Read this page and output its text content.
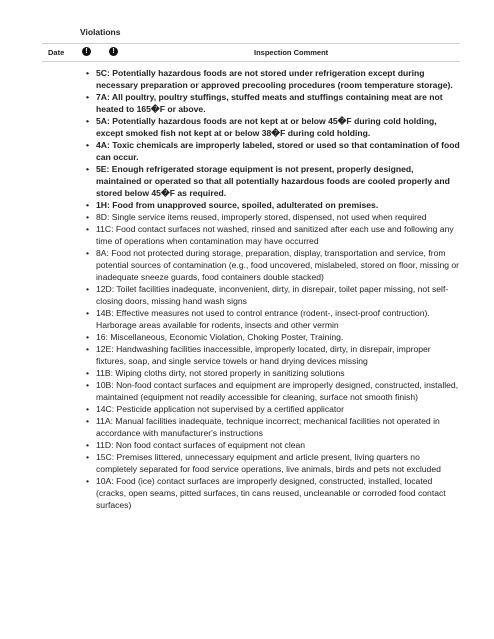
Violations
Date	!	!	Inspection Comment
• 5C: Potentially hazardous foods are not stored under refrigeration except during necessary preparation or approved precooling procedures (room temperature storage).
• 7A: All poultry, poultry stuffings, stuffed meats and stuffings containing meat are not heated to 165�F or above.
• 5A: Potentially hazardous foods are not kept at or below 45�F during cold holding, except smoked fish not kept at or below 38�F during cold holding.
• 4A: Toxic chemicals are improperly labeled, stored or used so that contamination of food can occur.
• 5E: Enough refrigerated storage equipment is not present, properly designed, maintained or operated so that all potentially hazardous foods are cooled properly and stored below 45�F as required.
• 1H: Food from unapproved source, spoiled, adulterated on premises.
• 8D: Single service items reused, improperly stored, dispensed, not used when required
• 11C: Food contact surfaces not washed, rinsed and sanitized after each use and following any time of operations when contamination may have occurred
• 8A: Food not protected during storage, preparation, display, transportation and service, from potential sources of contamination (e.g., food uncovered, mislabeled, stored on floor, missing or inadequate sneeze guards, food containers double stacked)
• 12D: Toilet facilities inadequate, inconvenient, dirty, in disrepair, toilet paper missing, not self-closing doors, missing hand wash signs
• 14B: Effective measures not used to control entrance (rodent-, insect-proof contruction). Harborage areas available for rodents, insects and other vermin
• 16: Miscellaneous, Economic Violation, Choking Poster, Training.
• 12E: Handwashing facilities inaccessible, improperly located, dirty, in disrepair, improper fixtures, soap, and single service towels or hand drying devices missing
• 11B: Wiping cloths dirty, not stored properly in sanitizing solutions
• 10B: Non-food contact surfaces and equipment are improperly designed, constructed, installed, maintained (equipment not readily accessible for cleaning, surface not smooth finish)
• 14C: Pesticide application not supervised by a certified applicator
• 11A: Manual facilities inadequate, technique incorrect; mechanical facilities not operated in accordance with manufacturer's instructions
• 11D: Non food contact surfaces of equipment not clean
• 15C: Premises littered, unnecessary equipment and article present, living quarters no completely separated for food service operations, live animals, birds and pets not excluded
• 10A: Food (ice) contact surfaces are improperly designed, constructed, installed, located (cracks, open seams, pitted surfaces, tin cans reused, uncleanable or corroded food contact surfaces)
